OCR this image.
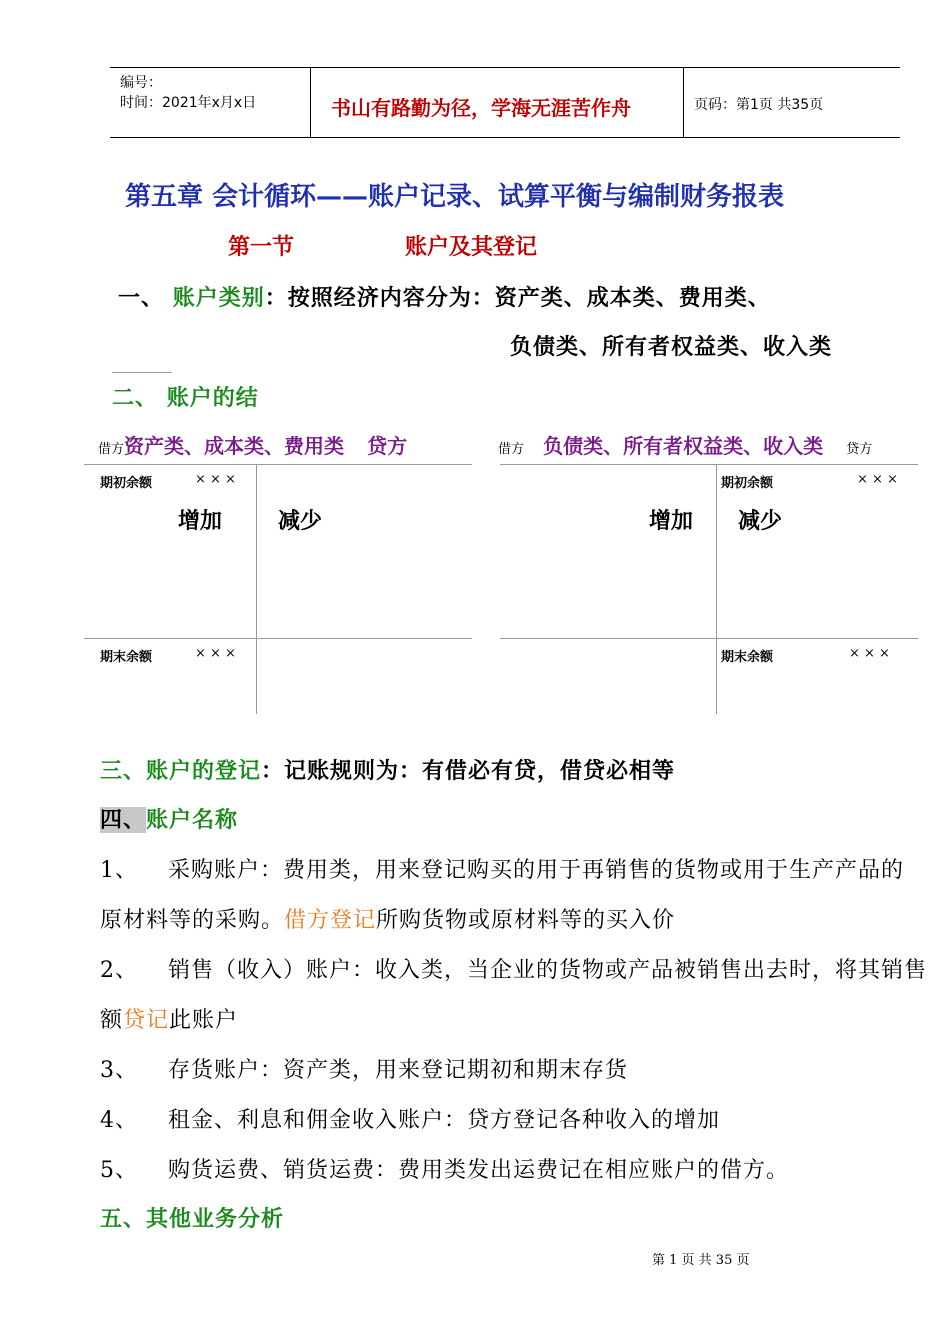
编号：
时间：2021年x月x日	书山有路勤为径，学海无涯苦作舟	页码：第1页 共35页
第五章 会计循环——账户记录、试算平衡与编制财务报表
第一节	账户及其登记
一、 账户类别：按照经济内容分为：资产类、成本类、费用类、
负债类、所有者权益类、收入类
二、 账户的结
借方资产类、成本类、费用类 贷方
期初余额	× × ×
增加	减少
期末余额	× × ×
借方 负债类、所有者权益类、收入类 贷方
期初余额	× × ×
增加 减少
期末余额	× × ×
三、账户的登记：记账规则为：有借必有贷，借贷必相等
四、账户名称
1、 采购账户：费用类，用来登记购买的用于再销售的货物或用于生产产品的
原材料等的采购。借方登记所购货物或原材料等的买入价
2、 销售（收入）账户：收入类，当企业的货物或产品被销售出去时，将其销售
额贷记此账户
3、 存货账户：资产类，用来登记期初和期末存货
4、 租金、利息和佣金收入账户：贷方登记各种收入的增加
5、 购货运费、销货运费：费用类发出运费记在相应账户的借方。
五、其他业务分析
第 1 页 共 35 页
